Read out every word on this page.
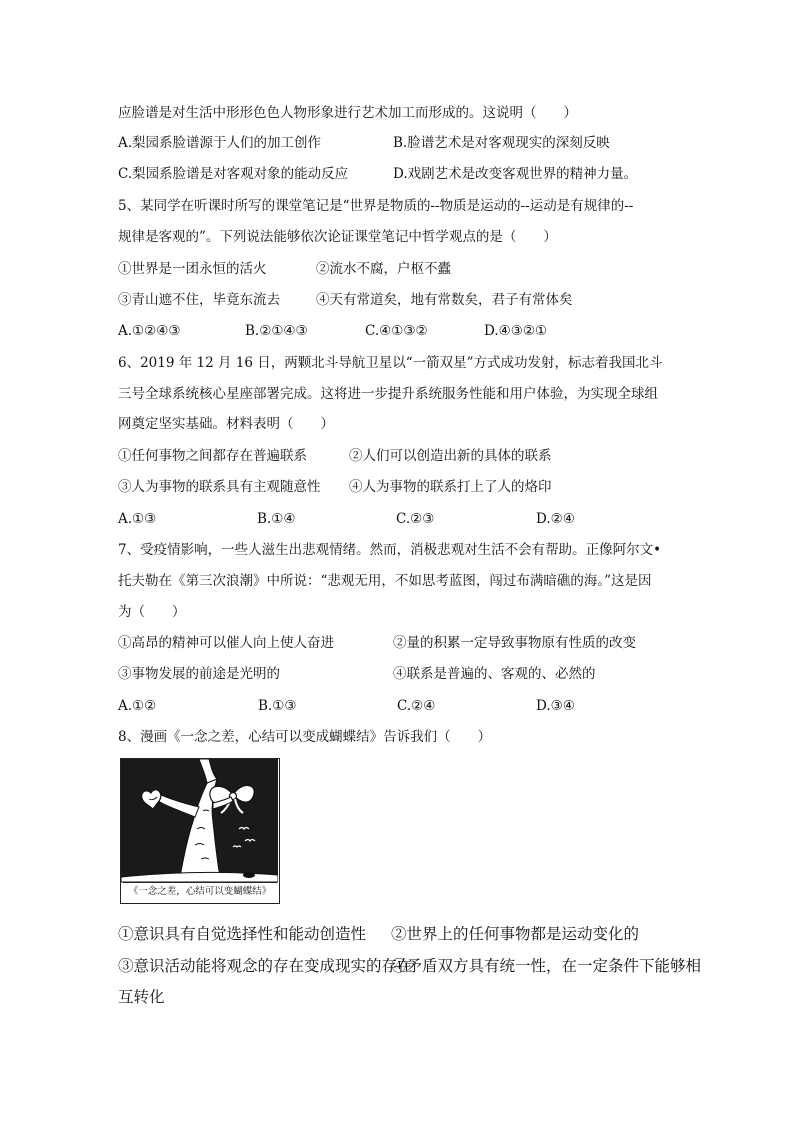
应脸谱是对生活中形形色色人物形象进行艺术加工而形成的。这说明（　　）
A.梨园系脸谱源于人们的加工创作	B.脸谱艺术是对客观现实的深刻反映
C.梨园系脸谱是对客观对象的能动反应	D.戏剧艺术是改变客观世界的精神力量。
5、某同学在听课时所写的课堂笔记是“世界是物质的--物质是运动的--运动是有规律的--
规律是客观的”。下列说法能够依次论证课堂笔记中哲学观点的是（　　）
①世界是一团永恒的活火	②流水不腐，户枢不蠹
③青山遮不住，毕竟东流去	④天有常道矣，地有常数矣，君子有常体矣
A.①②④③	B.②①④③	C.④①③②	D.④③②①
6、2019 年 12 月 16 日，两颗北斗导航卫星以“一箭双星”方式成功发射，标志着我国北斗
三号全球系统核心星座部署完成。这将进一步提升系统服务性能和用户体验，为实现全球组
网奠定坚实基础。材料表明（　　）
①任何事物之间都存在普遍联系	②人们可以创造出新的具体的联系
③人为事物的联系具有主观随意性 ④人为事物的联系打上了人的烙印
A.①③	B.①④	C.②③	D.②④
7、受疫情影响，一些人滋生出悲观情绪。然而，消极悲观对生活不会有帮助。正像阿尔文•
托夫勒在《第三次浪潮》中所说：“悲观无用，不如思考蓝图，闯过布满暗礁的海。”这是因
为（　　）
①高昂的精神可以催人向上使人奋进	②量的积累一定导致事物原有性质的改变
③事物发展的前途是光明的	④联系是普遍的、客观的、必然的
A.①②	B.①③	C.②④	D.③④
8、漫画《一念之差，心结可以变成蝴蝶结》告诉我们（　　）
《一念之差，心结可以变蝴蝶结》
①意识具有自觉选择性和能动创造性 ②世界上的任何事物都是运动变化的
③意识活动能将观念的存在变成现实的存在
④矛盾双方具有统一性，在一定条件下能够相
互转化
